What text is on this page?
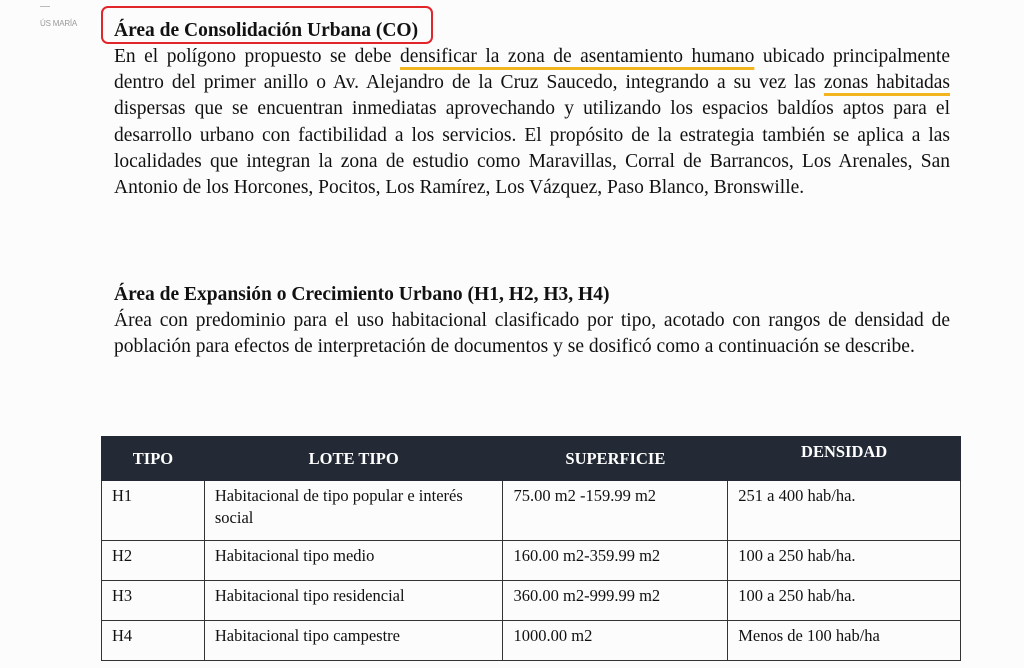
ÚS MARÍA Área de Consolidación Urbana (CO)

En el polígono propuesto se debe densificar la zona de asentamiento humano ubicado principalmente dentro del primer anillo o Av. Alejandro de la Cruz Saucedo, integrando a su vez las zonas habitadas dispersas que se encuentran inmediatas aprovechando y utilizando los espacios baldíos aptos para el desarrollo urbano con factibilidad a los servicios. El propósito de la estrategia también se aplica a las localidades que integran la zona de estudio como Maravillas, Corral de Barrancos, Los Arenales, San Antonio de los Horcones, Pocitos, Los Ramírez, Los Vázquez, Paso Blanco, Bronswille.

Área de Expansión o Crecimiento Urbano (H1, H2, H3, H4)

Área con predominio para el uso habitacional clasificado por tipo, acotado con rangos de densidad de población para efectos de interpretación de documentos y se dosificó como a continuación se describe.

TIPO	LOTE TIPO	SUPERFICIE	DENSIDAD
H1	Habitacional de tipo popular e interés social	75.00 m2 -159.99 m2	251 a 400 hab/ha.
H2	Habitacional tipo medio	160.00 m2-359.99 m2	100 a 250 hab/ha.
H3	Habitacional tipo residencial	360.00 m2-999.99 m2	100 a 250 hab/ha.
H4	Habitacional tipo campestre	1000.00 m2	Menos de 100 hab/ha
